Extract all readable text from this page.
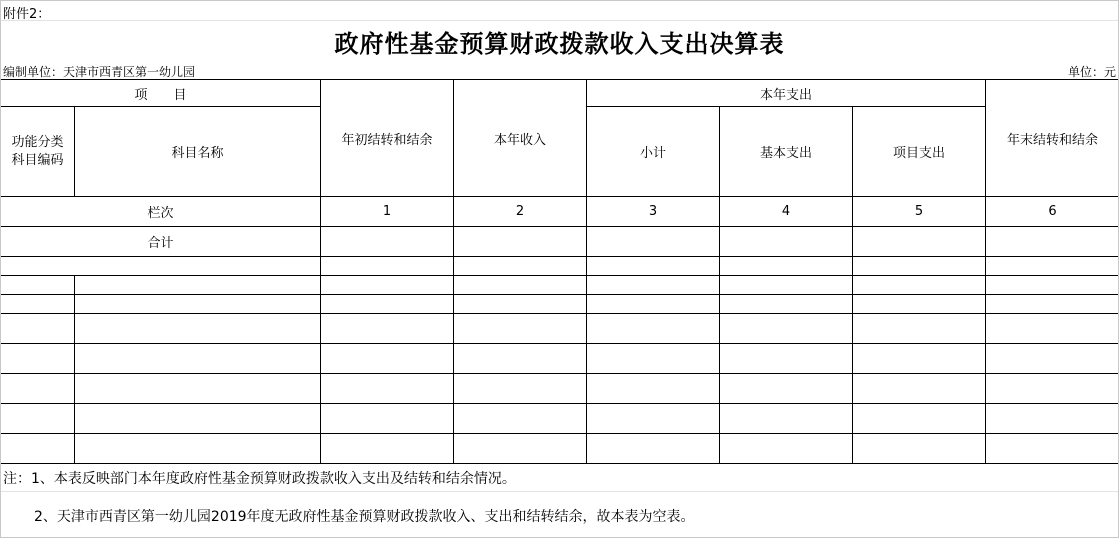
附件2：
政府性基金预算财政拨款收入支出决算表
编制单位：天津市西青区第一幼儿园	单位：元
项　　目		年初结转和结余	本年收入	本年支出			年末结转和结余
功能分类科目编码	科目名称			小计	基本支出	项目支出	
栏次		1	2	3	4	5	6
合计							

注：1、本表反映部门本年度政府性基金预算财政拨款收入支出及结转和结余情况。
2、天津市西青区第一幼儿园2019年度无政府性基金预算财政拨款收入、支出和结转结余，故本表为空表。
